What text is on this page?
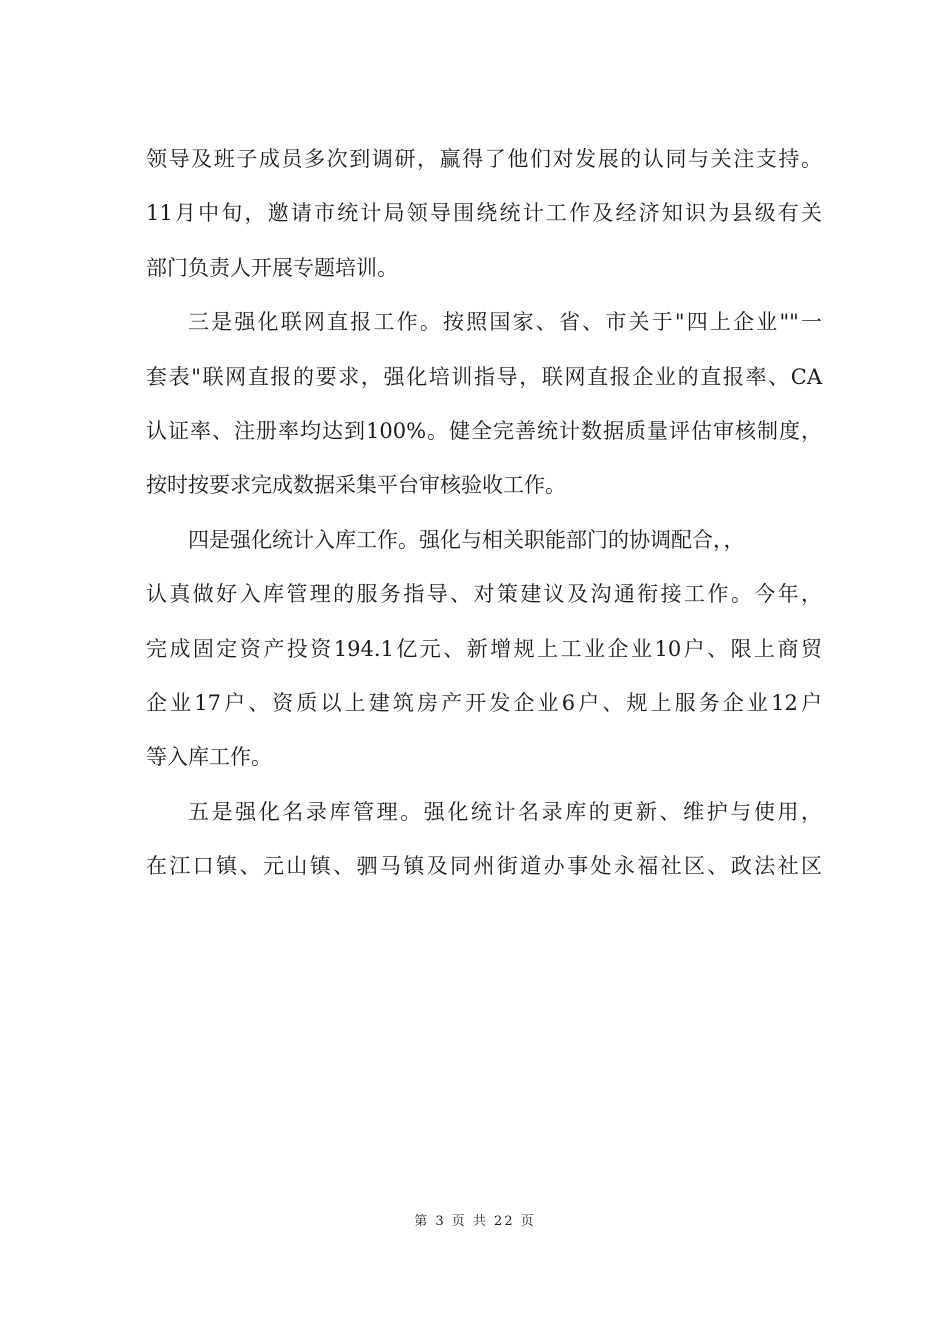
领导及班子成员多次到调研，赢得了他们对发展的认同与关注支持。
11月中旬，邀请市统计局领导围绕统计工作及经济知识为县级有关
部门负责人开展专题培训。
三是强化联网直报工作。按照国家、省、市关于"四上企业""一
套表"联网直报的要求，强化培训指导，联网直报企业的直报率、CA
认证率、注册率均达到100%。健全完善统计数据质量评估审核制度，
按时按要求完成数据采集平台审核验收工作。
四是强化统计入库工作。强化与相关职能部门的协调配合，，
认真做好入库管理的服务指导、对策建议及沟通衔接工作。今年，
完成固定资产投资194.1亿元、新增规上工业企业10户、限上商贸
企业17户、资质以上建筑房产开发企业6户、规上服务企业12户
等入库工作。
五是强化名录库管理。强化统计名录库的更新、维护与使用，
在江口镇、元山镇、驷马镇及同州街道办事处永福社区、政法社区
第 3 页 共 22 页
